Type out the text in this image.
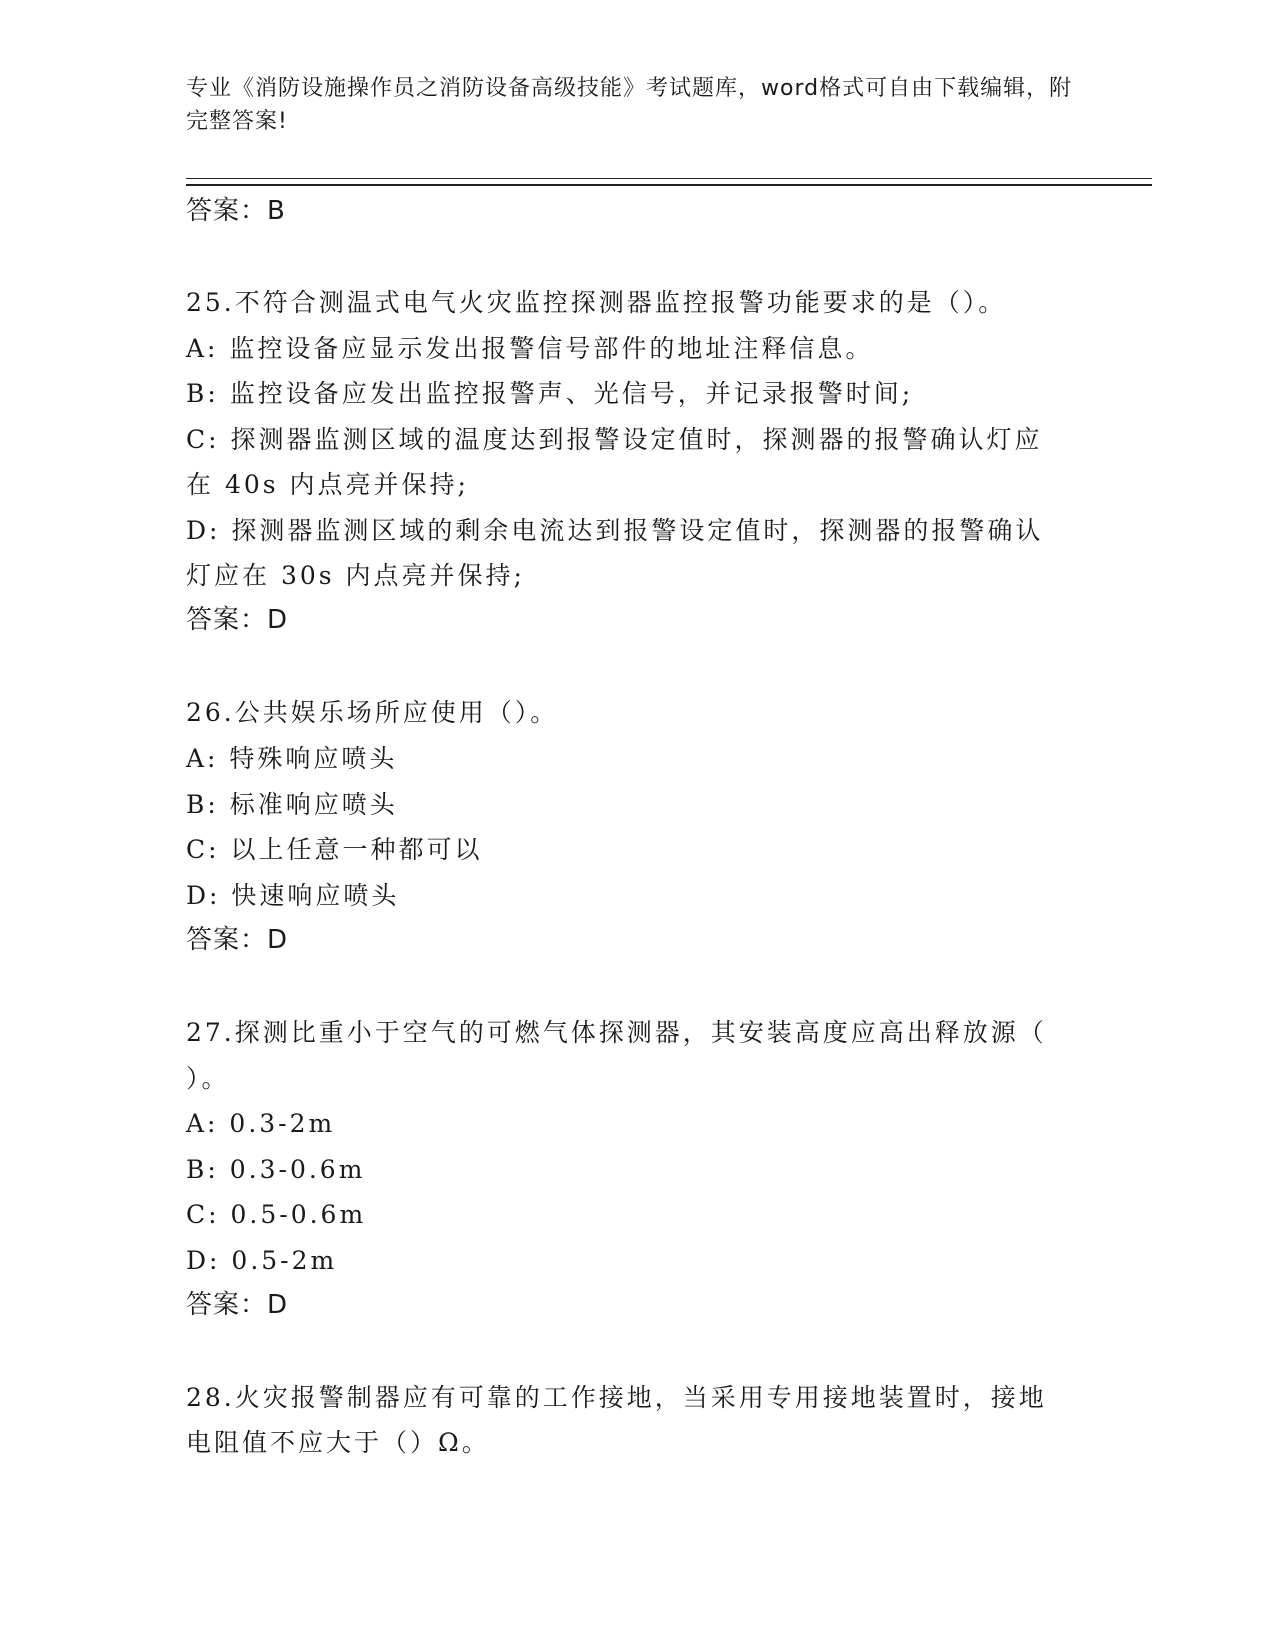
专业《消防设施操作员之消防设备高级技能》考试题库，word格式可自由下载编辑，附完整答案!

答案：B

25.不符合测温式电气火灾监控探测器监控报警功能要求的是（）。

A: 监控设备应显示发出报警信号部件的地址注释信息。

B: 监控设备应发出监控报警声、光信号，并记录报警时间;

C: 探测器监测区域的温度达到报警设定值时，探测器的报警确认灯应

在 40s 内点亮并保持;

D: 探测器监测区域的剩余电流达到报警设定值时，探测器的报警确认

灯应在 30s 内点亮并保持;

答案：D

26.公共娱乐场所应使用（）。

A: 特殊响应喷头

B: 标准响应喷头

C: 以上任意一种都可以

D: 快速响应喷头

答案：D

27.探测比重小于空气的可燃气体探测器，其安装高度应高出释放源（

）。

A: 0.3-2m

B: 0.3-0.6m

C: 0.5-0.6m

D: 0.5-2m

答案：D

28.火灾报警制器应有可靠的工作接地，当采用专用接地装置时，接地

电阻值不应大于（）Ω。
